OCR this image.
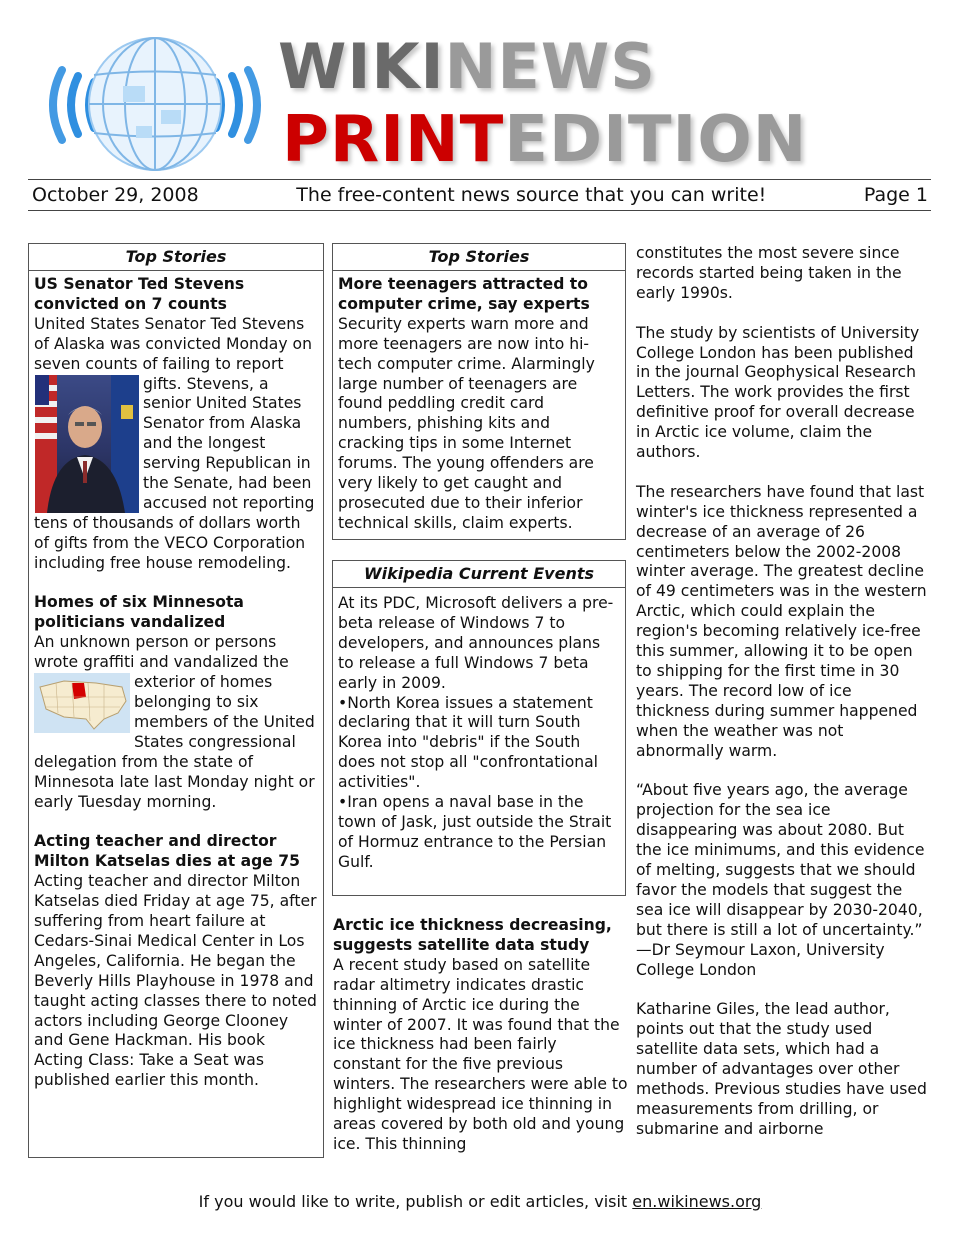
WIKINEWS
PRINTEDITION
October 29, 2008	The free-content news source that you can write!	Page 1
Top Stories

US Senator Ted Stevens convicted on 7 counts

United States Senator Ted Stevens of Alaska was convicted Monday on seven counts of failing
to report gifts. Stevens, a senior United States Senator from Alaska and the longest serving Republican in the Senate, had been accused not reporting tens of thousands of dollars worth of gifts from the VECO Corporation including free house remodeling.

Homes of six Minnesota politicians vandalized

An unknown person or persons wrote graffiti and vandalized the
exterior of homes belonging to six members of the United States congressional delegation from the state of Minnesota late last Monday night or early Tuesday morning.

Acting teacher and director Milton Katselas dies at age 75

Acting teacher and director Milton Katselas died Friday at age 75, after suffering from heart failure at Cedars-Sinai Medical Center in Los Angeles, California. He began the Beverly Hills Playhouse in 1978 and taught acting classes there to noted actors including George Clooney and Gene Hackman. His book Acting Class: Take a Seat was published earlier this month.

Top Stories

More teenagers attracted to computer crime, say experts

Security experts warn more and more teenagers are now into hi-tech computer crime. Alarmingly large number of teenagers are found peddling credit card numbers, phishing kits and cracking tips in some Internet forums. The young offenders are very likely to get caught and prosecuted due to their inferior technical skills, claim experts.

Wikipedia Current Events

At its PDC, Microsoft delivers a pre-beta release of Windows 7 to developers, and announces plans to release a full Windows 7 beta early in 2009.

•North Korea issues a statement declaring that it will turn South Korea into "debris" if the South does not stop all "confrontational activities".

•Iran opens a naval base in the town of Jask, just outside the Strait of Hormuz entrance to the Persian Gulf.

Arctic ice thickness decreasing, suggests satellite data study

A recent study based on satellite radar altimetry indicates drastic thinning of Arctic ice during the winter of 2007. It was found that the ice thickness had been fairly constant for the five previous winters. The researchers were able to highlight widespread ice thinning in areas covered by both old and young ice. This thinning

constitutes the most severe since records started being taken in the early 1990s.

The study by scientists of University College London has been published in the journal Geophysical Research Letters. The work provides the first definitive proof for overall decrease in Arctic ice volume, claim the authors.

The researchers have found that last winter's ice thickness represented a decrease of an average of 26 centimeters below the 2002-2008 winter average. The greatest decline of 49 centimeters was in the western Arctic, which could explain the region's becoming relatively ice-free this summer, allowing it to be open to shipping for the first time in 30 years. The record low of ice thickness during summer happened when the weather was not abnormally warm.

“About five years ago, the average projection for the sea ice disappearing was about 2080. But the ice minimums, and this evidence of melting, suggests that we should favor the models that suggest the sea ice will disappear by 2030-2040, but there is still a lot of uncertainty.” —Dr Seymour Laxon, University College London

Katharine Giles, the lead author, points out that the study used satellite data sets, which had a number of advantages over other methods. Previous studies have used measurements from drilling, or submarine and airborne

If you would like to write, publish or edit articles, visit en.wikinews.org
